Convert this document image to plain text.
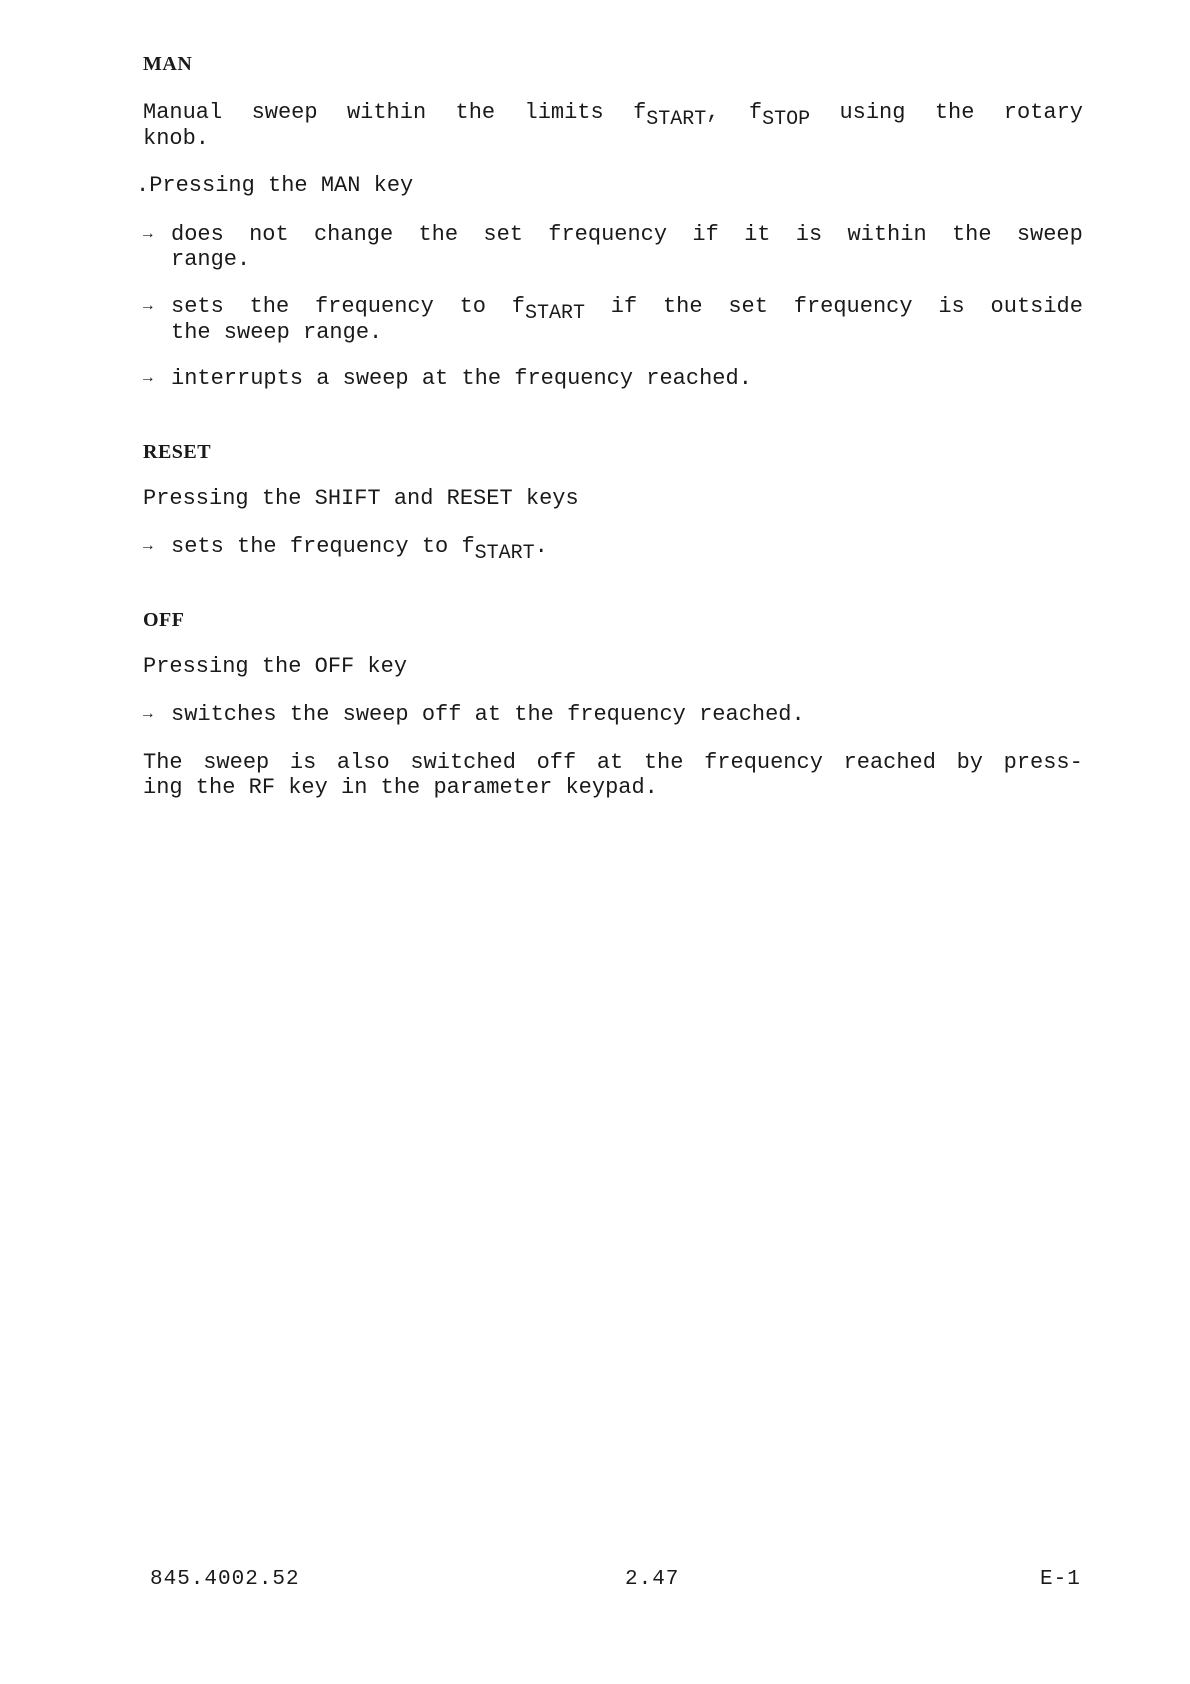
MAN
Manual sweep within the limits fSTART, fSTOP using the rotary
knob.
.Pressing the MAN key
→ does not change the set frequency if it is within the sweep
range.
→ sets the frequency to fSTART if the set frequency is outside
the sweep range.
→ interrupts a sweep at the frequency reached.
RESET
Pressing the SHIFT and RESET keys
→ sets the frequency to fSTART.
OFF
Pressing the OFF key
→ switches the sweep off at the frequency reached.
The sweep is also switched off at the frequency reached by press-
ing the RF key in the parameter keypad.
845.4002.52	2.47	E-1
